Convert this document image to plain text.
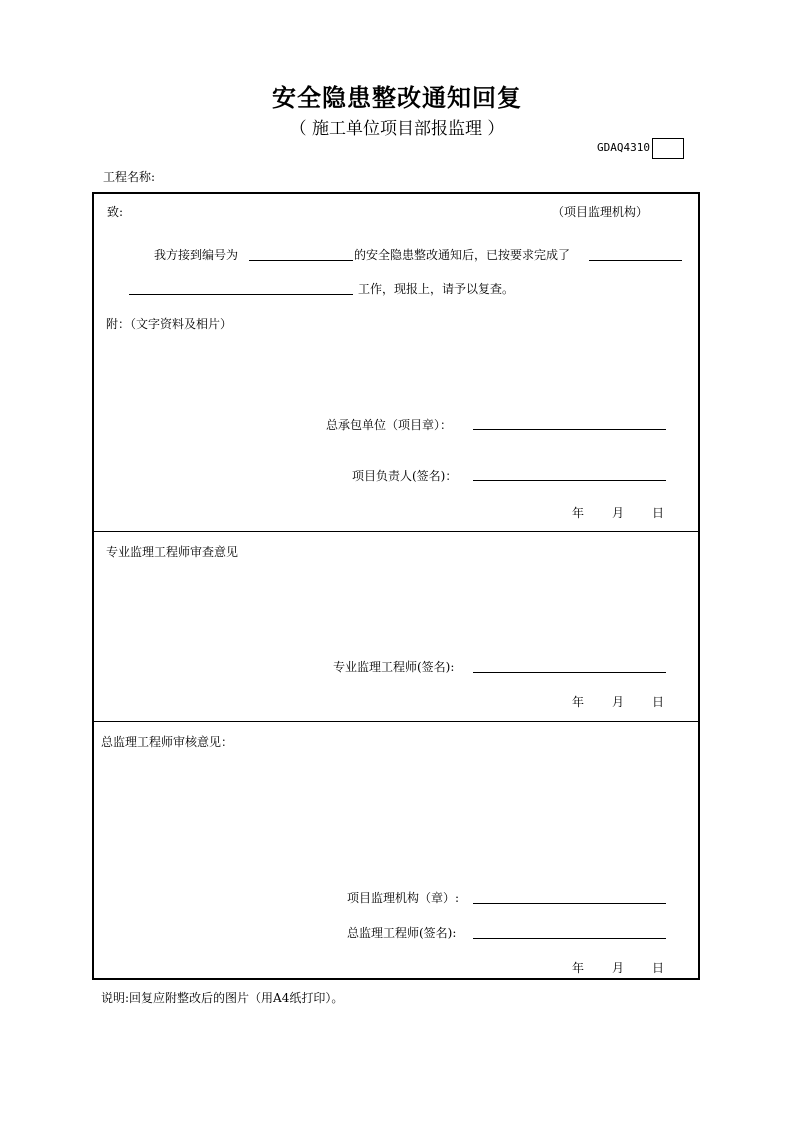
安全隐患整改通知回复
（ 施工单位项目部报监理 ）
GDAQ4310
工程名称:
致:	（项目监理机构）
我方接到编号为	的安全隐患整改通知后，已按要求完成了
工作，现报上，请予以复查。
附：（文字资料及相片）
总承包单位（项目章）：
项目负责人(签名)：
年 月 日
专业监理工程师审查意见
专业监理工程师(签名):
年 月 日
总监理工程师审核意见：
项目监理机构（章）:
总监理工程师(签名):
年 月 日
说明:回复应附整改后的图片（用A4纸打印）。
